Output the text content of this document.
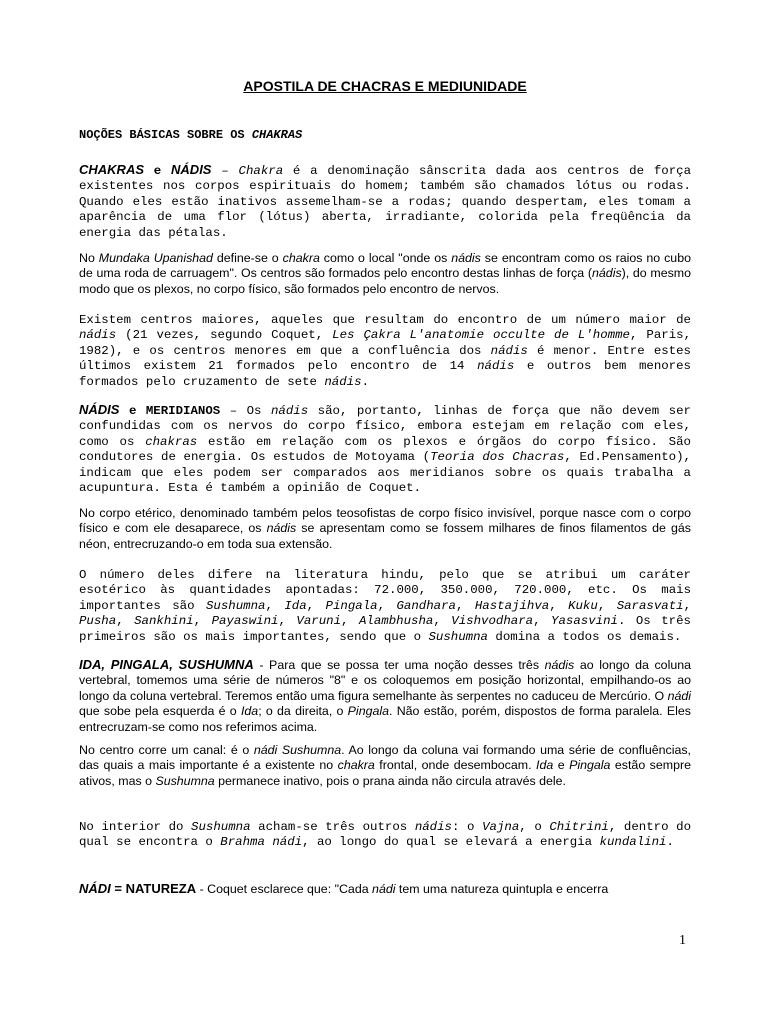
APOSTILA DE CHACRAS E MEDIUNIDADE
NOÇÕES BÁSICAS SOBRE OS CHAKRAS

CHAKRAS e NÁDIS – Chakra é a denominação sânscrita dada aos centros de força existentes nos corpos espirituais do homem; também são chamados lótus ou rodas. Quando eles estão inativos assemelham-se a rodas; quando despertam, eles tomam a aparência de uma flor (lótus) aberta, irradiante, colorida pela freqüência da energia das pétalas.

No Mundaka Upanishad define-se o chakra como o local "onde os nádis se encontram como os raios no cubo de uma roda de carruagem". Os centros são formados pelo encontro destas linhas de força (nádis), do mesmo modo que os plexos, no corpo físico, são formados pelo encontro de nervos.

Existem centros maiores, aqueles que resultam do encontro de um número maior de nádis (21 vezes, segundo Coquet, Les Çakra L'anatomie occulte de L'homme, Paris, 1982), e os centros menores em que a confluência dos nádis é menor. Entre estes últimos existem 21 formados pelo encontro de 14 nádis e outros bem menores formados pelo cruzamento de sete nádis.

NÁDIS e MERIDIANOS – Os nádis são, portanto, linhas de força que não devem ser confundidas com os nervos do corpo físico, embora estejam em relação com eles, como os chakras estão em relação com os plexos e órgãos do corpo físico. São condutores de energia. Os estudos de Motoyama (Teoria dos Chacras, Ed.Pensamento), indicam que eles podem ser comparados aos meridianos sobre os quais trabalha a acupuntura. Esta é também a opinião de Coquet.

No corpo etérico, denominado também pelos teosofistas de corpo físico invisível, porque nasce com o corpo físico e com ele desaparece, os nádis se apresentam como se fossem milhares de finos filamentos de gás néon, entrecruzando-o em toda sua extensão.

O número deles difere na literatura hindu, pelo que se atribui um caráter esotérico às quantidades apontadas: 72.000, 350.000, 720.000, etc. Os mais importantes são Sushumna, Ida, Pingala, Gandhara, Hastajihva, Kuku, Sarasvati, Pusha, Sankhini, Payaswini, Varuni, Alambhusha, Vishvodhara, Yasasvini. Os três primeiros são os mais importantes, sendo que o Sushumna domina a todos os demais.

IDA, PINGALA, SUSHUMNA - Para que se possa ter uma noção desses três nádis ao longo da coluna vertebral, tomemos uma série de números "8" e os coloquemos em posição horizontal, empilhando-os ao longo da coluna vertebral. Teremos então uma figura semelhante às serpentes no caduceu de Mercúrio. O nádi que sobe pela esquerda é o Ida; o da direita, o Pingala. Não estão, porém, dispostos de forma paralela. Eles entrecruzam-se como nos referimos acima.

No centro corre um canal: é o nádi Sushumna. Ao longo da coluna vai formando uma série de confluências, das quais a mais importante é a existente no chakra frontal, onde desembocam. Ida e Pingala estão sempre ativos, mas o Sushumna permanece inativo, pois o prana ainda não circula através dele.

No interior do Sushumna acham-se três outros nádis: o Vajna, o Chitrini, dentro do qual se encontra o Brahma nádi, ao longo do qual se elevará a energia kundalini.

NÁDI = NATUREZA - Coquet esclarece que: "Cada nádi tem uma natureza quintupla e encerra

1
